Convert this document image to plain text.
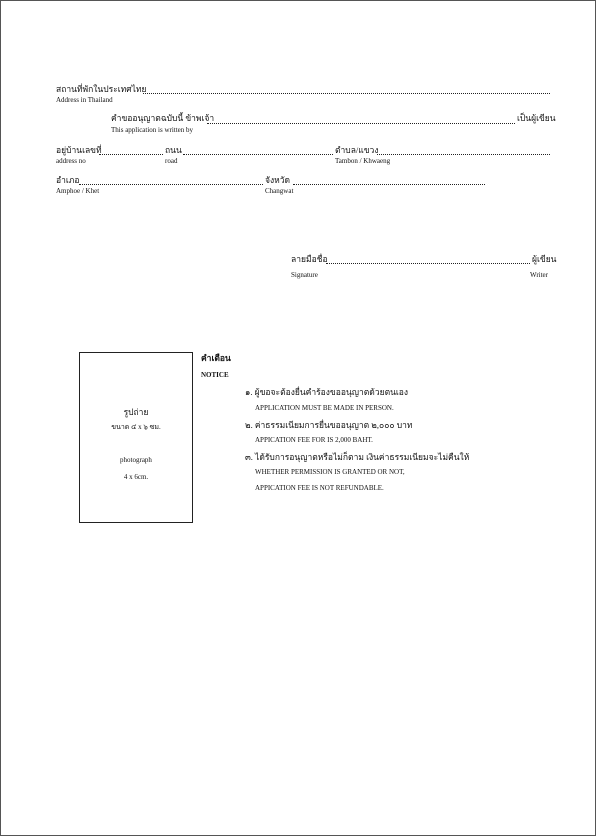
สถานที่พักในประเทศไทย
Address in Thailand
คำขออนุญาตฉบับนี้ ข้าพเจ้า	เป็นผู้เขียน
This application is written by
อยู่บ้านเลขที่	ถนน	ตำบล/แขวง
address no	road	Tambon / Khwaeng
อำเภอ	จังหวัด
Amphoe / Khet	Changwat
ลายมือชื่อ	ผู้เขียน
Signature	Writer
รูปถ่าย
ขนาด ๔ x ๖ ซม.
photograph
4 x 6cm.
คำเตือน
NOTICE
๑. ผู้ขอจะต้องยื่นคำร้องขออนุญาตด้วยตนเอง
APPLICATION MUST BE MADE IN PERSON.
๒. ค่าธรรมเนียมการยื่นขออนุญาต ๒,๐๐๐ บาท
APPICATION FEE FOR IS 2,000 BAHT.
๓. ได้รับการอนุญาตหรือไม่ก็ตาม เงินค่าธรรมเนียมจะไม่คืนให้
WHETHER PERMISSION IS GRANTED OR NOT,
APPICATION FEE IS NOT REFUNDABLE.
